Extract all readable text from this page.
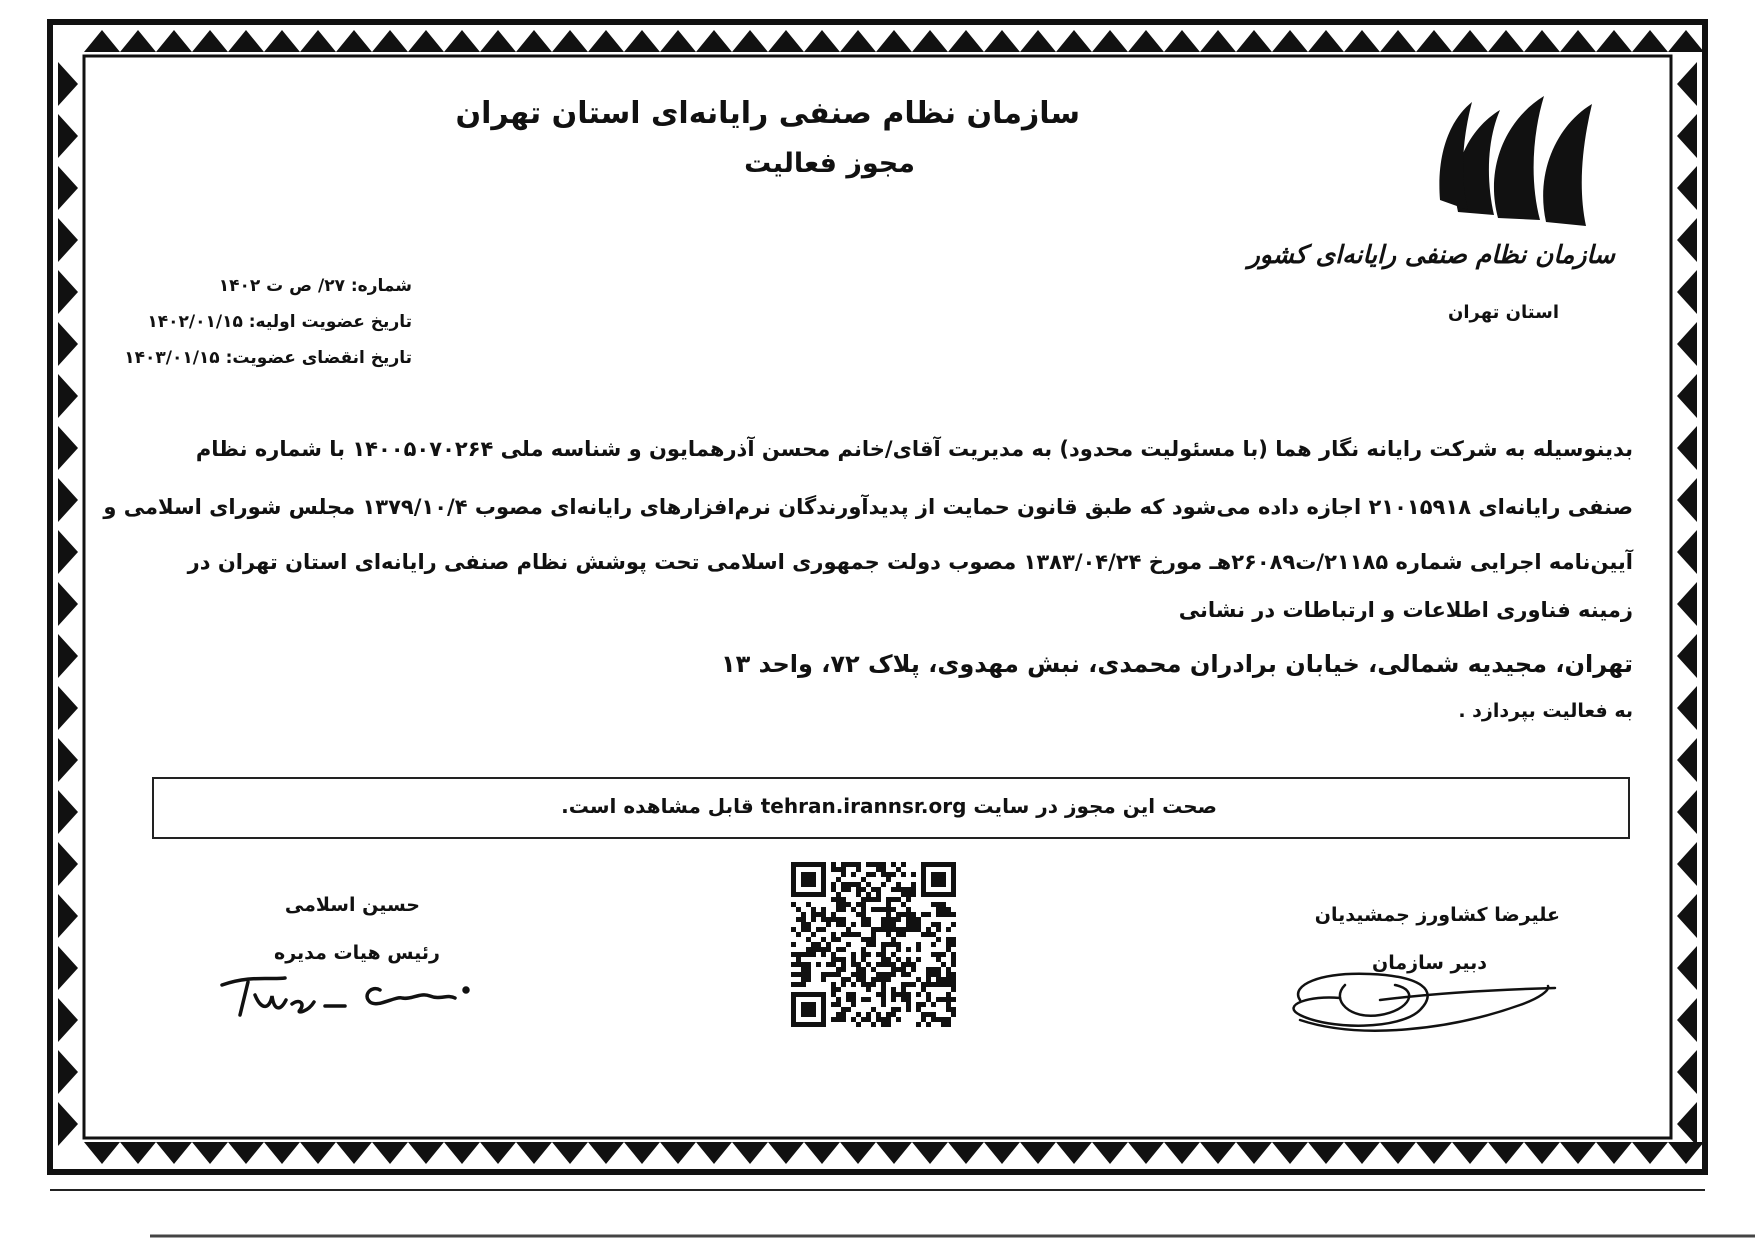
سازمان نظام صنفی رایانه‌ای استان تهران
مجوز فعالیت
سازمان نظام صنفی رایانه‌ای کشور
استان تهران
شماره: ۲۷/ ص ت ۱۴۰۲
تاریخ عضویت اولیه: ۱۴۰۲/۰۱/۱۵
تاریخ انقضای عضویت: ۱۴۰۳/۰۱/۱۵
بدینوسیله به شرکت رایانه نگار هما (با مسئولیت محدود) به مدیریت آقای/خانم محسن آذرهمایون و شناسه ملی ۱۴۰۰۵۰۷۰۲۶۴ با شماره نظام
صنفی رایانه‌ای ۲۱۰۱۵۹۱۸ اجازه داده می‌شود که طبق قانون حمایت از پدیدآورندگان نرم‌افزارهای رایانه‌ای مصوب ۱۳۷۹/۱۰/۴ مجلس شورای اسلامی و
آیین‌نامه اجرایی شماره ۲۱۱۸۵/ت۲۶۰۸۹هـ مورخ ۱۳۸۳/۰۴/۲۴ مصوب دولت جمهوری اسلامی تحت پوشش نظام صنفی رایانه‌ای استان تهران در
زمینه فناوری اطلاعات و ارتباطات در نشانی
تهران، مجیدیه شمالی، خیابان برادران محمدی، نبش مهدوی، پلاک ۷۲، واحد ۱۳
به فعالیت بپردازد .
صحت این مجوز در سایت tehran.irannsr.org قابل مشاهده است.
حسین اسلامی
رئیس هیات مدیره
علیرضا کشاورز جمشیدیان
دبیر سازمان
